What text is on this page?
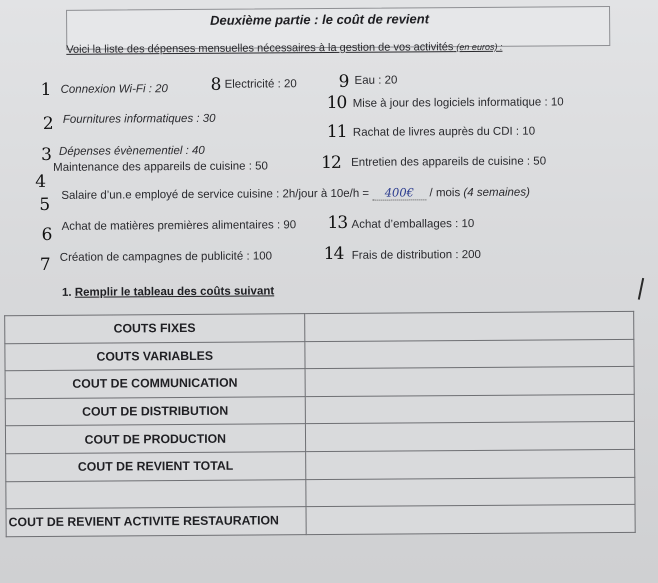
Deuxième partie : le coût de revient
Voici la liste des dépenses mensuelles nécessaires à la gestion de vos activités (en euros) :
1 Connexion Wi-Fi : 20	8 Electricité : 20 9 Eau : 20
2 Fournitures informatiques : 30
10 Mise à jour des logiciels informatique : 10
3 Dépenses évènementiel : 40
11 Rachat de livres auprès du CDI : 10
4
Maintenance des appareils de cuisine : 50	12 Entretien des appareils de cuisine : 50
5
Salaire d’un.e employé de service cuisine : 2h/jour à 10e/h = 400€ / mois (4 semaines)
6 Achat de matières premières alimentaires : 90 13 Achat d’emballages : 10
7 Création de campagnes de publicité : 100	14 Frais de distribution : 200
1. Remplir le tableau des coûts suivant
COUTS FIXES	
COUTS VARIABLES	
COUT DE COMMUNICATION	
COUT DE DISTRIBUTION	
COUT DE PRODUCTION	
COUT DE REVIENT TOTAL	

COUT DE REVIENT ACTIVITE RESTAURATION	
